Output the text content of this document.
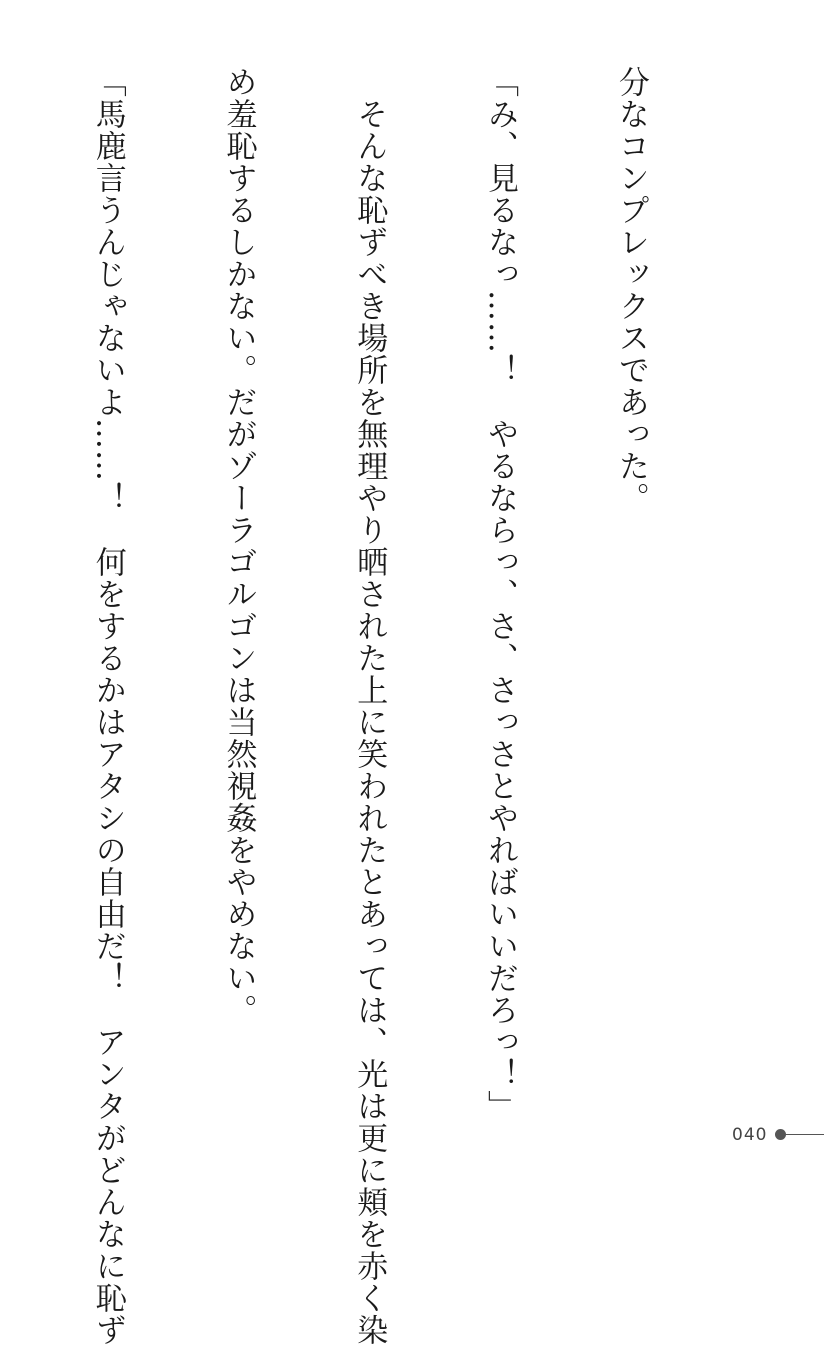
分なコンプレックスであった。

「み、見るなっ……！　やるならっ、さ、さっさとやればいいだろっ！」

　そんな恥ずべき場所を無理やり晒された上に笑われたとあっては、光は更に頬を赤く染

め羞恥するしかない。だがゾーラゴルゴンは当然視姦をやめない。

「馬鹿言うんじゃないよ……！　何をするかはアタシの自由だ！　アンタがどんなに恥ず

	040
